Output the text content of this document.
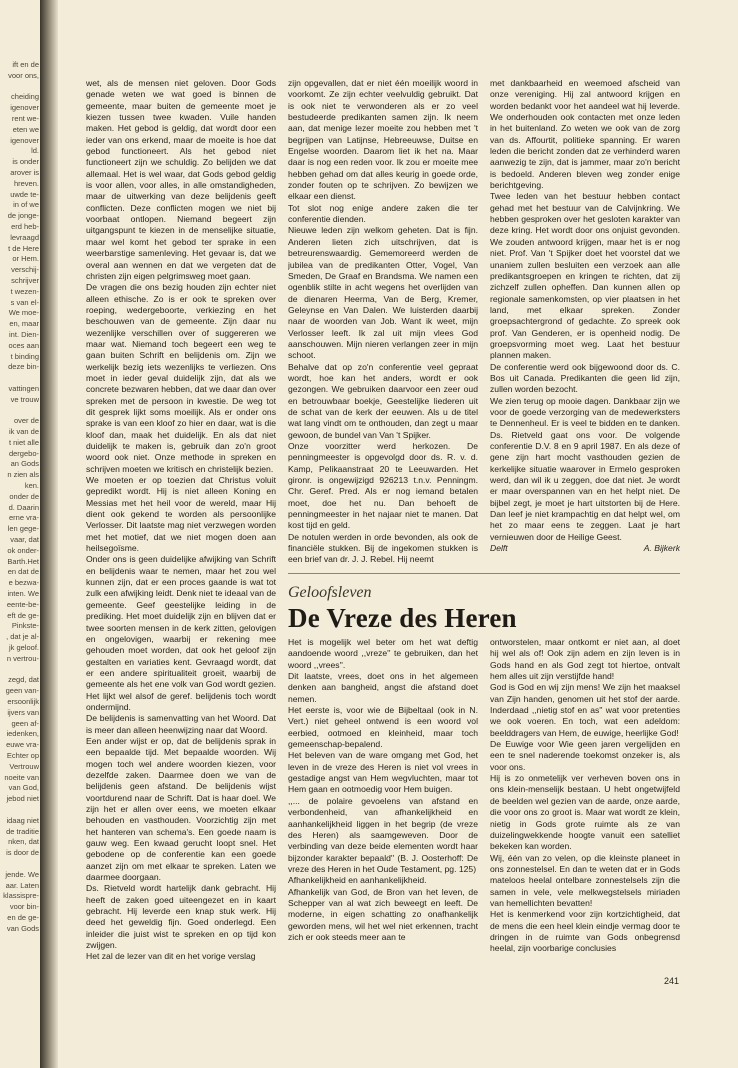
ift en de
voor ons,

cheiding
igenover
rent we-
eten we
igenover
ld.
is onder
arover is
hreven.
uwde te-
in of we
de jonge-
erd heb-
levraagd
t de Here
or Hem.
verschij-
schrijver
t wezen-
s van el-
We moe-
en, maar
int. Dien-
oces aan
t binding
deze bin-

vattingen
ve trouw

over de
ik van de
t niet alle
dergebo-
an Gods
n zien als
ken.
onder de
d. Daarin
erne vra-
len gege-
vaar, dat
ok onder-
Barth.Het
en dat de
e bezwa-
inten. We
eente-be-
eft de ge-
Pinkste-
, dat je al-
jk geloof.
n vertrou-

zegd, dat
geen van-
ersoonlijk
ijvers van
geen af-
iedenken,
euwe vra-
Echter op
Vertrouw
noeite van
van God,
jebod niet

idaag niet
de traditie
nken, dat
is door de

jende. We
aar. Laten
klassispre-
voor bin-
en de ge-
van Gods

wet, als de mensen niet geloven. Door Gods genade weten we wat goed is binnen de gemeente, maar buiten de gemeente moet je kiezen tussen twee kwaden. Vuile handen maken. Het gebod is geldig, dat wordt door een ieder van ons erkend, maar de moeite is hoe dat gebod functioneert. Als het gebod niet functioneert zijn we schuldig. Zo belijden we dat allemaal. Het is wel waar, dat Gods gebod geldig is voor allen, voor alles, in alle omstandigheden, maar de uitwerking van deze belijdenis geeft conflicten. Deze conflicten mogen we niet bij voorbaat ontlopen. Niemand begeert zijn uitgangspunt te kiezen in de menselijke situatie, maar wel komt het gebod ter sprake in een weerbarstige samenleving. Het gevaar is, dat we overal aan wennen en dat we vergeten dat de christen zijn eigen pelgrimsweg moet gaan.

De vragen die ons bezig houden zijn echter niet alleen ethische. Zo is er ook te spreken over roeping, wedergeboorte, verkiezing en het beschouwen van de gemeente. Zijn daar nu wezenlijke verschillen over of suggereren we maar wat. Niemand toch begeert een weg te gaan buiten Schrift en belijdenis om. Zijn we werkelijk bezig iets wezenlijks te verliezen. Ons moet in ieder geval duidelijk zijn, dat als we concrete bezwaren hebben, dat we daar dan over spreken met de persoon in kwestie. De weg tot dit gesprek lijkt soms moeilijk. Als er onder ons sprake is van een kloof zo hier en daar, wat is die kloof dan, maak het duidelijk. En als dat niet duidelijk te maken is, gebruik dan zo'n groot woord ook niet. Onze methode in spreken en schrijven moeten we kritisch en christelijk bezien.

We moeten er op toezien dat Christus voluit gepredikt wordt. Hij is niet alleen Koning en Messias met het heil voor de wereld, maar Hij dient ook gekend te worden als persoonlijke Verlosser. Dit laatste mag niet verzwegen worden met het motief, dat we niet mogen doen aan heilsegoïsme.

Onder ons is geen duidelijke afwijking van Schrift en belijdenis waar te nemen, maar het zou wel kunnen zijn, dat er een proces gaande is wat tot zulk een afwijking leidt. Denk niet te ideaal van de gemeente. Geef geestelijke leiding in de prediking. Het moet duidelijk zijn en blijven dat er twee soorten mensen in de kerk zitten, gelovigen en ongelovigen, waarbij er rekening mee gehouden moet worden, dat ook het geloof zijn gestalten en variaties kent. Gevraagd wordt, dat er een andere spiritualiteit groeit, waarbij de gemeente als het ene volk van God wordt gezien. Het lijkt wel alsof de geref. belijdenis toch wordt ondermijnd.

De belijdenis is samenvatting van het Woord. Dat is meer dan alleen heenwijzing naar dat Woord.

Een ander wijst er op, dat de belijdenis sprak in een bepaalde tijd. Met bepaalde woorden. Wij mogen toch wel andere woorden kiezen, voor dezelfde zaken. Daarmee doen we van de belijdenis geen afstand. De belijdenis wijst voortdurend naar de Schrift. Dat is haar doel. We zijn het er allen over eens, we moeten elkaar behouden en vasthouden. Voorzichtig zijn met het hanteren van schema's. Een goede naam is gauw weg. Een kwaad gerucht loopt snel. Het gebodene op de conferentie kan een goede aanzet zijn om met elkaar te spreken. Laten we daarmee doorgaan.

Ds. Rietveld wordt hartelijk dank gebracht. Hij heeft de zaken goed uiteengezet en in kaart gebracht. Hij leverde een knap stuk werk. Hij deed het geweldig fijn. Goed onderlegd. Een inleider die juist wist te spreken en op tijd kon zwijgen.

Het zal de lezer van dit en het vorige verslag

zijn opgevallen, dat er niet één moeilijk woord in voorkomt. Ze zijn echter veelvuldig gebruikt. Dat is ook niet te verwonderen als er zo veel bestudeerde predikanten samen zijn. Ik neem aan, dat menige lezer moeite zou hebben met 't begrijpen van Latijnse, Hebreeuwse, Duitse en Engelse woorden. Daarom liet ik het na. Maar daar is nog een reden voor. Ik zou er moeite mee hebben gehad om dat alles keurig in goede orde, zonder fouten op te schrijven. Zo bewijzen we elkaar een dienst.

Tot slot nog enige andere zaken die ter conferentie dienden.

Nieuwe leden zijn welkom geheten. Dat is fijn. Anderen lieten zich uitschrijven, dat is betreurenswaardig. Gememoreerd werden de jubilea van de predikanten Otter, Vogel, Van Smeden, De Graaf en Brandsma. We namen een ogenblik stilte in acht wegens het overlijden van de dienaren Heerma, Van de Berg, Kremer, Geleynse en Van Dalen. We luisterden daarbij naar de woorden van Job. Want ik weet, mijn Verlosser leeft. Ik zal uit mijn vlees God aanschouwen. Mijn nieren verlangen zeer in mijn schoot.

Behalve dat op zo'n conferentie veel gepraat wordt, hoe kan het anders, wordt er ook gezongen. We gebruiken daarvoor een zeer oud en betrouwbaar boekje, Geestelijke liederen uit de schat van de kerk der eeuwen. Als u de titel wat lang vindt om te onthouden, dan zegt u maar gewoon, de bundel van Van 't Spijker.

Onze voorzitter werd herkozen. De penningmeester is opgevolgd door ds. R. v. d. Kamp, Pelikaanstraat 20 te Leeuwarden. Het gironr. is ongewijzigd 926213 t.n.v. Penningm. Chr. Geref. Pred. Als er nog iemand betalen moet, doe het nu. Dan behoeft de penningmeester in het najaar niet te manen. Dat kost tijd en geld.

De notulen werden in orde bevonden, als ook de financiële stukken. Bij de ingekomen stukken is een brief van dr. J. J. Rebel. Hij neemt

met dankbaarheid en weemoed afscheid van onze vereniging. Hij zal antwoord krijgen en worden bedankt voor het aandeel wat hij leverde. We onderhouden ook contacten met onze leden in het buitenland. Zo weten we ook van de zorg van ds. Affourtit, politieke spanning. Er waren leden die bericht zonden dat ze verhinderd waren aanwezig te zijn, dat is jammer, maar zo'n bericht is bedoeld. Anderen bleven weg zonder enige berichtgeving.

Twee leden van het bestuur hebben contact gehad met het bestuur van de Calvijnkring. We hebben gesproken over het gesloten karakter van deze kring. Het wordt door ons onjuist gevonden. We zouden antwoord krijgen, maar het is er nog niet. Prof. Van 't Spijker doet het voorstel dat we unaniem zullen besluiten een verzoek aan alle predikantsgroepen en kringen te richten, dat zij zichzelf zullen opheffen. Dan kunnen allen op regionale samenkomsten, op vier plaatsen in het land, met elkaar spreken. Zonder groepsachtergrond of gedachte. Zo spreek ook prof. Van Genderen, er is openheid nodig. De groepsvorming moet weg. Laat het bestuur plannen maken.

De conferentie werd ook bijgewoond door ds. C. Bos uit Canada. Predikanten die geen lid zijn, zullen worden bezocht.

We zien terug op mooie dagen. Dankbaar zijn we voor de goede verzorging van de medewerksters te Dennenheul. Er is veel te bidden en te danken. Ds. Rietveld gaat ons voor. De volgende conferentie D.V. 8 en 9 april 1987. En als deze of gene zijn hart mocht vasthouden gezien de kerkelijke situatie waarover in Ermelo gesproken werd, dan wil ik u zeggen, doe dat niet. Je wordt er maar overspannen van en het helpt niet. De bijbel zegt, je moet je hart uitstorten bij de Here. Dan leef je niet krampachtig en dat helpt wel, om het zo maar eens te zeggen. Laat je hart vernieuwen door de Heilige Geest.

Delft	A. Bijkerk
Geloofsleven
De Vreze des Heren

Het is mogelijk wel beter om het wat deftig aandoende woord ,,vreze'' te gebruiken, dan het woord ,,vrees''.

Dit laatste, vrees, doet ons in het algemeen denken aan bangheid, angst die afstand doet nemen.

Het eerste is, voor wie de Bijbeltaal (ook in N. Vert.) niet geheel ontwend is een woord vol eerbied, ootmoed en kleinheid, maar toch gemeenschap-bepalend.

Het beleven van de ware omgang met God, het leven in de vreze des Heren is niet vol vrees in gestadige angst van Hem wegvluchten, maar tot Hem gaan en ootmoedig voor Hem buigen.

,,... de polaire gevoelens van afstand en verbondenheid, van afhankelijkheid en aanhankelijkheid liggen in het begrip (de vreze des Heren) als saamgeweven. Door de verbinding van deze beide elementen wordt haar bijzonder karakter bepaald'' (B. J. Oosterhoff: De vreze des Heren in het Oude Testament, pg. 125)

Afhankelijkheid en aanhankelijkheid.

Afhankelijk van God, de Bron van het leven, de Schepper van al wat zich beweegt en leeft. De moderne, in eigen schatting zo onafhankelijk geworden mens, wil het wel niet erkennen, tracht zich er ook steeds meer aan te

ontworstelen, maar ontkomt er niet aan, al doet hij wel als of! Ook zijn adem en zijn leven is in Gods hand en als God zegt tot hiertoe, ontvalt hem alles uit zijn verstijfde hand!

God is God en wij zijn mens! We zijn het maaksel van Zijn handen, genomen uit het stof der aarde. Inderdaad ,,nietig stof en as'' wat voor pretenties we ook voeren. En toch, wat een adeldom: beelddragers van Hem, de euwige, heerlijke God!

De Euwige voor Wie geen jaren vergelijden en een te snel naderende toekomst onzeker is, als voor ons.

Hij is zo onmetelijk ver verheven boven ons in ons klein-menselijk bestaan. U hebt ongetwijfeld de beelden wel gezien van de aarde, onze aarde, die voor ons zo groot is. Maar wat wordt ze klein, nietig in Gods grote ruimte als ze van duizelingwekkende hoogte vanuit een satelliet bekeken kan worden.

Wij, één van zo velen, op die kleinste planeet in ons zonnestelsel. En dan te weten dat er in Gods mateloos heelal ontelbare zonnestelsels zijn die samen in vele, vele melkwegstelsels miriaden van hemellichten bevatten!

Het is kenmerkend voor zijn kortzichtigheid, dat de mens die een heel klein eindje vermag door te dringen in de ruimte van Gods onbegrensd heelal, zijn voorbarige conclusies

241
